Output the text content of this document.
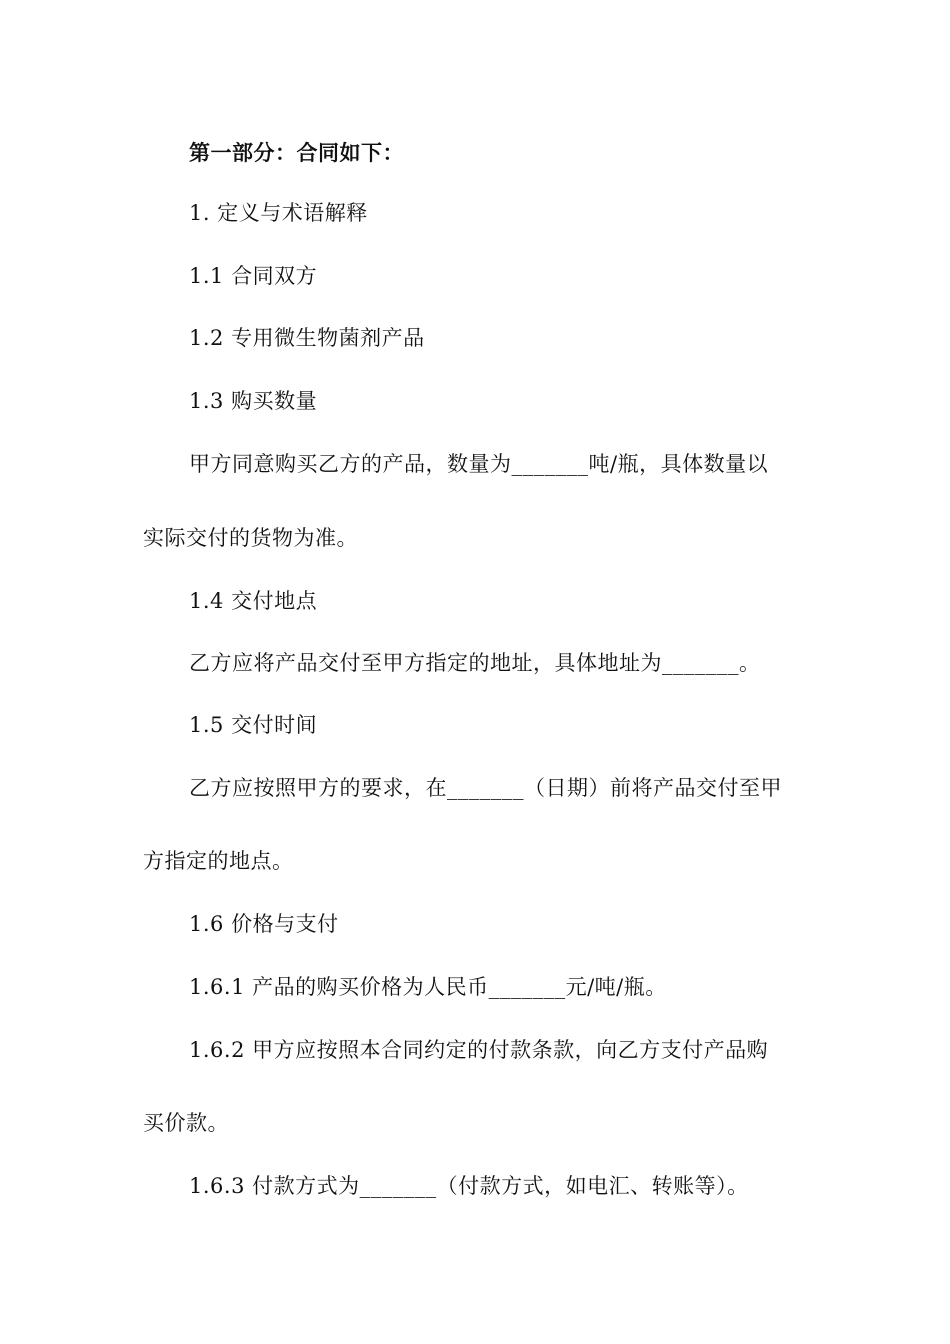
第一部分：合同如下：
1. 定义与术语解释
1.1 合同双方
1.2 专用微生物菌剂产品
1.3 购买数量
甲方同意购买乙方的产品，数量为_______吨/瓶，具体数量以
实际交付的货物为准。
1.4 交付地点
乙方应将产品交付至甲方指定的地址，具体地址为_______。
1.5 交付时间
乙方应按照甲方的要求，在_______（日期）前将产品交付至甲
方指定的地点。
1.6 价格与支付
1.6.1 产品的购买价格为人民币_______元/吨/瓶。
1.6.2 甲方应按照本合同约定的付款条款，向乙方支付产品购
买价款。
1.6.3 付款方式为_______（付款方式，如电汇、转账等）。
